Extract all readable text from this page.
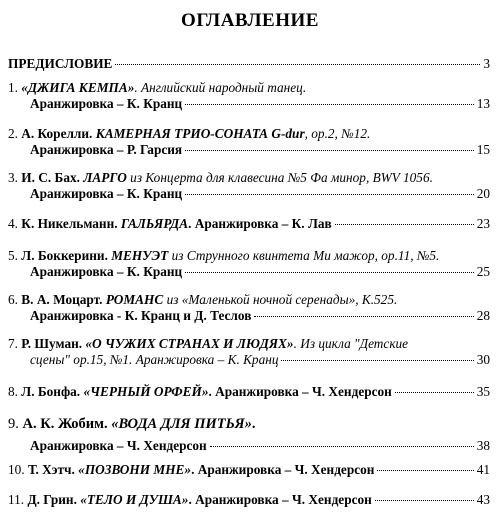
ОГЛАВЛЕНИЕ
ПРЕДИСЛОВИЕ	3
1. «ДЖИГА КЕМПА» . Английский народный танец.
Аранжировка – К. Кранц	13
2. А. Корелли. КАМЕРНАЯ ТРИО-СОНАТА G-dur , op.2, №12.
Аранжировка – Р. Гарсия	15
3. И. С. Бах. ЛАРГО из Концерта для клавесина №5 Фа минор, BWV 1056.
Аранжировка – К. Кранц	20
4. К. Никельманн. ГАЛЬЯРДА . Аранжировка – К. Лав	23
5. Л. Боккерини. МЕНУЭТ из Струнного квинтета Ми мажор, op.11, №5.
Аранжировка – К. Кранц	25
6. В. А. Моцарт. РОМАНС из «Маленькой ночной серенады», К.525.
Аранжировка - К. Кранц и Д. Теслов	28
7. Р. Шуман. «О ЧУЖИХ СТРАНАХ И ЛЮДЯХ» . Из цикла "Детские
сцены" ор.15, №1. Аранжировка – К. Кранц	30
8. Л. Бонфа. «ЧЕРНЫЙ ОРФЕЙ» . Аранжировка – Ч. Хендерсон	35
9. А. К. Жобим. «ВОДА ДЛЯ ПИТЬЯ» .
Аранжировка – Ч. Хендерсон	38
10. Т. Хэтч. «ПОЗВОНИ МНЕ» . Аранжировка – Ч. Хендерсон	41
11. Д. Грин. «ТЕЛО И ДУША» . Аранжировка – Ч. Хендерсон	43
